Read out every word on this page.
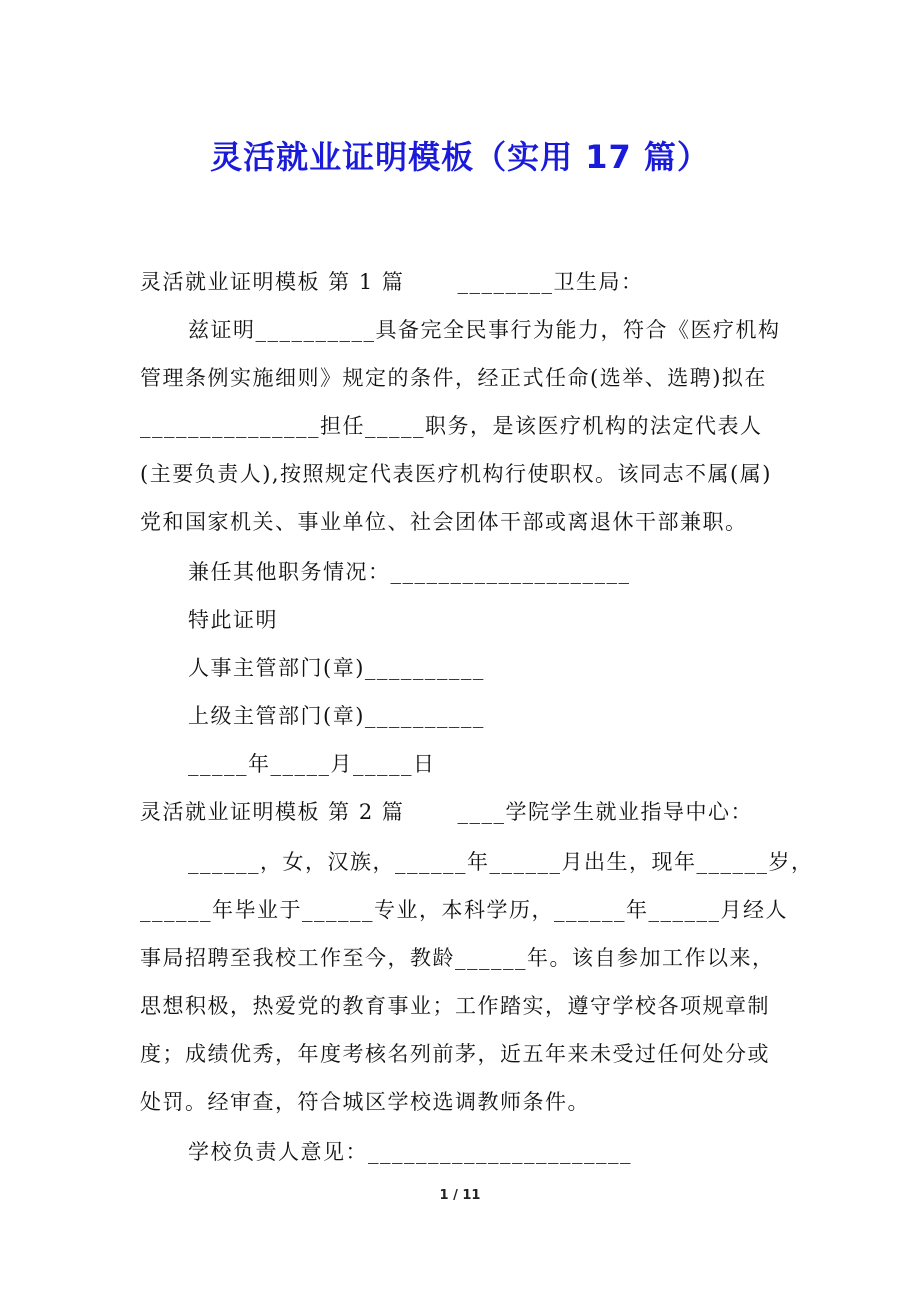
灵活就业证明模板（实用 17 篇）
灵活就业证明模板 第 1 篇　　 ________卫生局：
兹证明__________具备完全民事行为能力，符合《医疗机构
管理条例实施细则》规定的条件，经正式任命(选举、选聘)拟在
_______________担任_____职务，是该医疗机构的法定代表人
(主要负责人),按照规定代表医疗机构行使职权。该同志不属(属)
党和国家机关、事业单位、社会团体干部或离退休干部兼职。
兼任其他职务情况：____________________
特此证明
人事主管部门(章)__________
上级主管部门(章)__________
_____年_____月_____日
灵活就业证明模板 第 2 篇　　 ____学院学生就业指导中心：
______，女，汉族，______年______月出生，现年______岁，
______年毕业于______专业，本科学历，______年______月经人
事局招聘至我校工作至今，教龄______年。该自参加工作以来，
思想积极，热爱党的教育事业；工作踏实，遵守学校各项规章制
度；成绩优秀，年度考核名列前茅，近五年来未受过任何处分或
处罚。经审查，符合城区学校选调教师条件。
学校负责人意见：______________________
1 / 11
